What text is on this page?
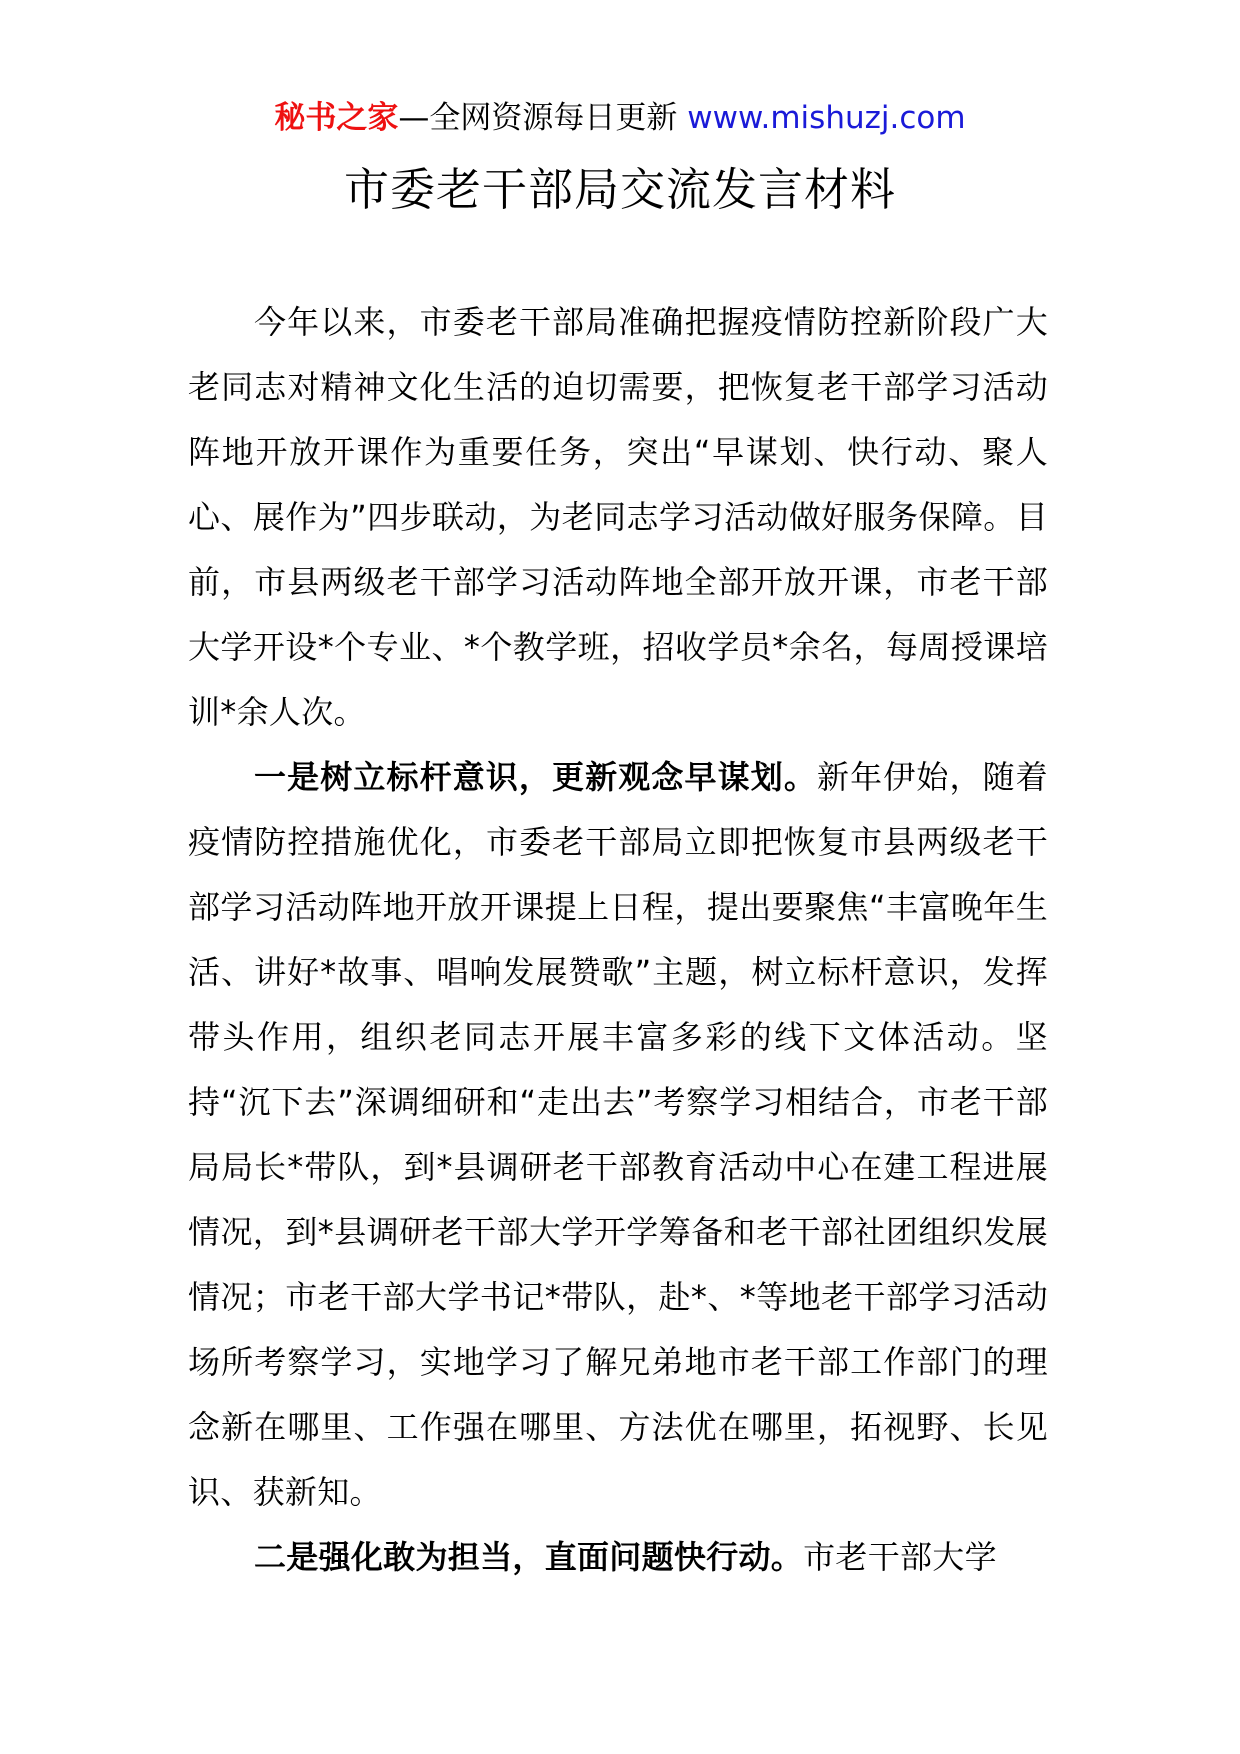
秘书之家—全网资源每日更新 www.mishuzj.com
市委老干部局交流发言材料

今年以来，市委老干部局准确把握疫情防控新阶段广大老同志对精神文化生活的迫切需要，把恢复老干部学习活动阵地开放开课作为重要任务，突出“早谋划、快行动、聚人心、展作为”四步联动，为老同志学习活动做好服务保障。目前，市县两级老干部学习活动阵地全部开放开课，市老干部大学开设*个专业、*个教学班，招收学员*余名，每周授课培训*余人次。

一是树立标杆意识，更新观念早谋划。新年伊始，随着疫情防控措施优化，市委老干部局立即把恢复市县两级老干部学习活动阵地开放开课提上日程，提出要聚焦“丰富晚年生活、讲好*故事、唱响发展赞歌”主题，树立标杆意识，发挥带头作用，组织老同志开展丰富多彩的线下文体活动。坚持“沉下去”深调细研和“走出去”考察学习相结合，市老干部局局长*带队，到*县调研老干部教育活动中心在建工程进展情况，到*县调研老干部大学开学筹备和老干部社团组织发展情况；市老干部大学书记*带队，赴*、*等地老干部学习活动场所考察学习，实地学习了解兄弟地市老干部工作部门的理念新在哪里、工作强在哪里、方法优在哪里，拓视野、长见识、获新知。

二是强化敢为担当，直面问题快行动。市老干部大学
